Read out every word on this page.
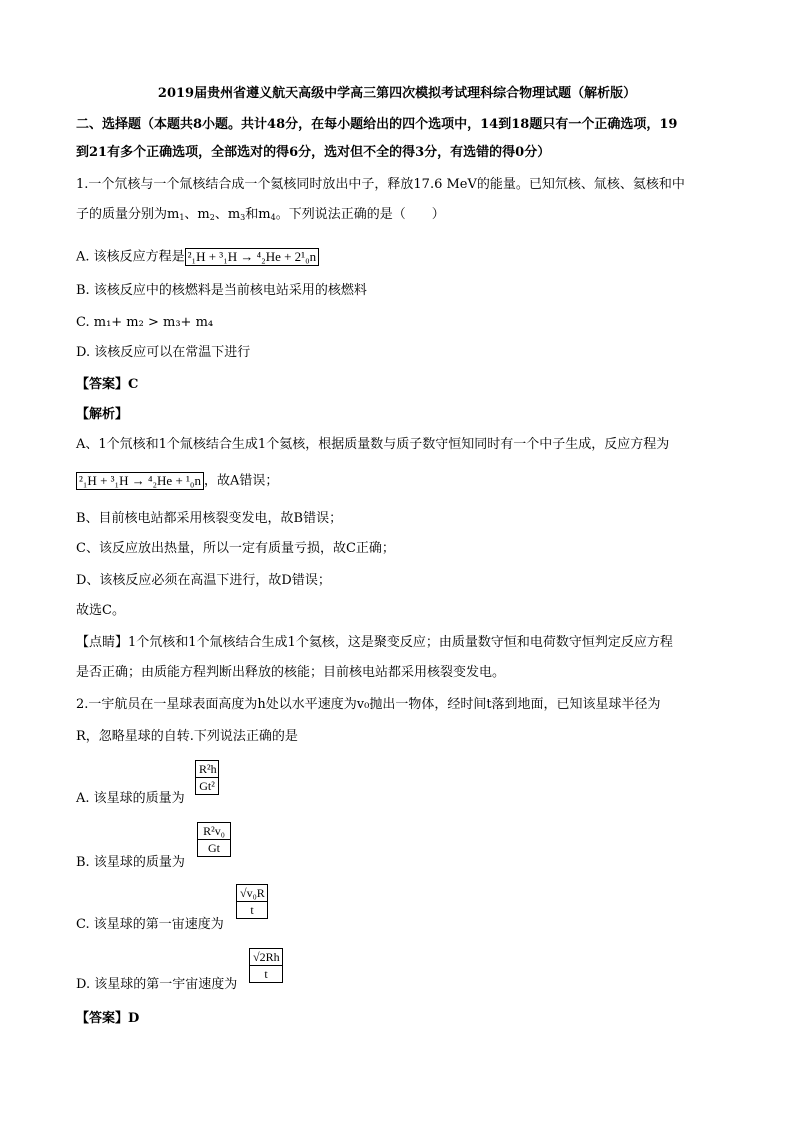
2019届贵州省遵义航天高级中学高三第四次模拟考试理科综合物理试题（解析版）
二、选择题（本题共8小题。共计48分，在每小题给出的四个选项中，14到18题只有一个正确选项，19
到21有多个正确选项，全部选对的得6分，选对但不全的得3分，有选错的得0分）
1.一个氘核与一个氚核结合成一个氦核同时放出中子，释放17.6 MeV的能量。已知氘核、氚核、氦核和中
子的质量分别为$m_1$、$m_2$、$m_3$和$m_4$。下列说法正确的是（　　）
A. 该核反应方程是 ²₁H + ³₁H → ⁴₂He + 2¹₀n
B. 该核反应中的核燃料是当前核电站采用的核燃料
C. m₁+ m₂ > m₃+ m₄
D. 该核反应可以在常温下进行
【答案】C
【解析】
A、1个氘核和1个氚核结合生成1个氦核，根据质量数与质子数守恒知同时有一个中子生成，反应方程为
²₁H + ³₁H → ⁴₂He + ¹₀n ，故A错误；
B、目前核电站都采用核裂变发电，故B错误；
C、该反应放出热量，所以一定有质量亏损，故C正确；
D、该核反应必须在高温下进行，故D错误；
故选C。
【点睛】1个氘核和1个氚核结合生成1个氦核，这是聚变反应；由质量数守恒和电荷数守恒判定反应方程
是否正确；由质能方程判断出释放的核能；目前核电站都采用核裂变发电。
2.一宇航员在一星球表面高度为h处以水平速度为v₀抛出一物体，经时间t落到地面，已知该星球半径为
R，忽略星球的自转.下列说法正确的是
A. 该星球的质量为
$\frac{\text{R²h}}{\text{Gt²}}$
B. 该星球的质量为
$\frac{\text{R²v₀}}{Gt}$
C. 该星球的第一宙速度为
$\frac{\text{√v₀R}}{t}$
D. 该星球的第一宇宙速度为
$\frac{√2Rh}{t}$
【答案】D
